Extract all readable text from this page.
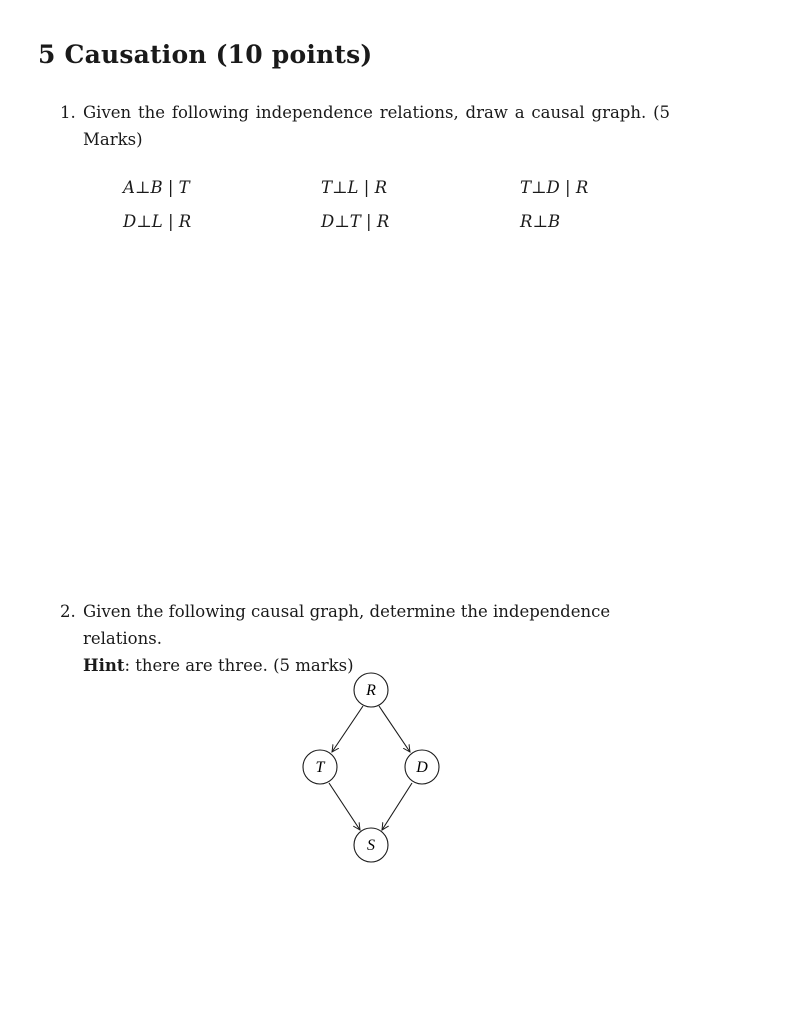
5 Causation (10 points)
1. Given the following independence relations, draw a causal graph. (5 Marks)
A⊥B | T	T⊥L | R	T⊥D | R
D⊥L | R	D⊥T | R	R⊥B
2. Given the following causal graph, determine the independence relations.
Hint: there are three. (5 marks)
R
T	D
S
